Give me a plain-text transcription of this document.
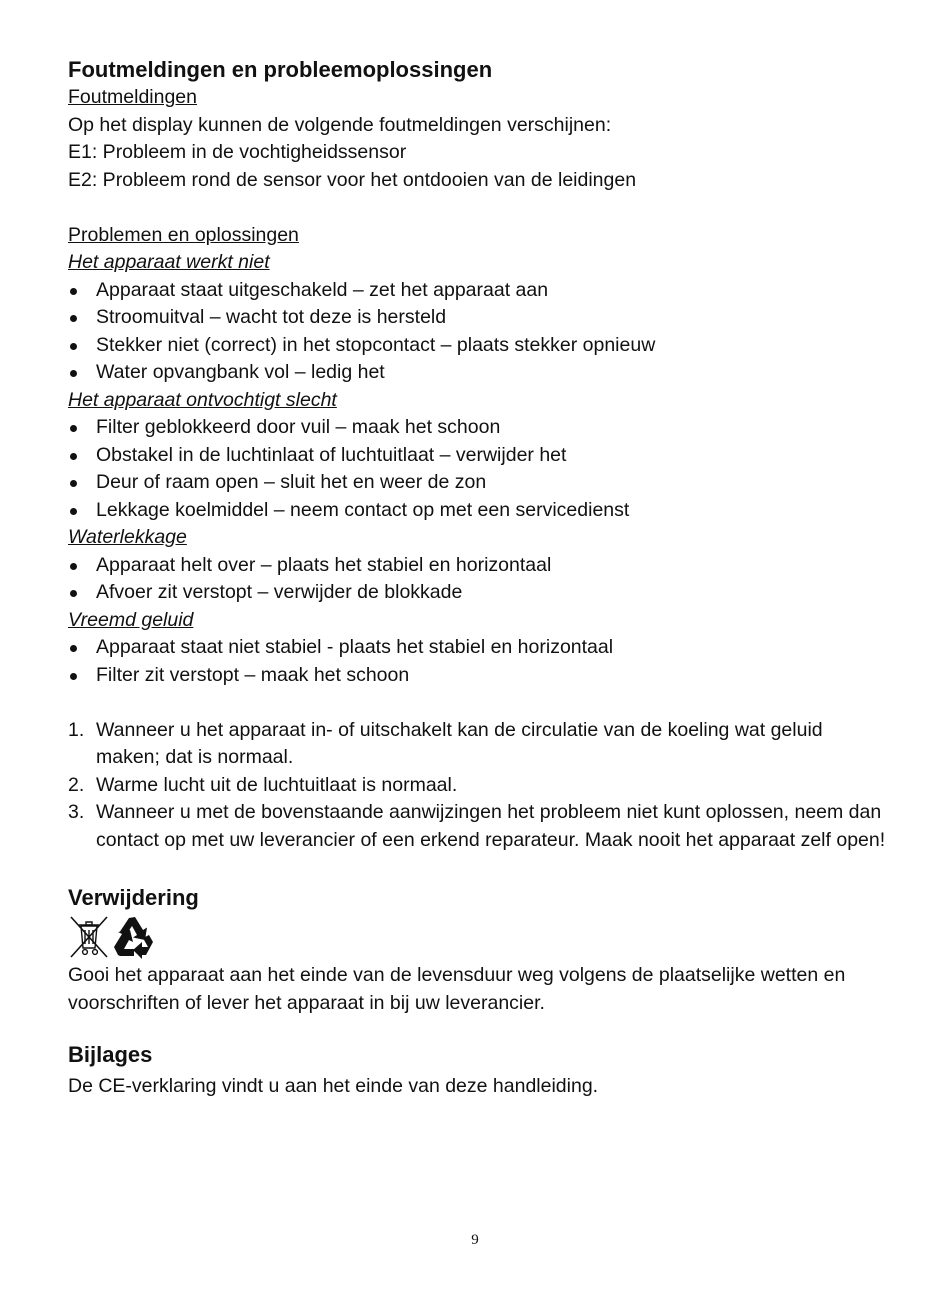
Foutmeldingen en probleemoplossingen
Foutmeldingen
Op het display kunnen de volgende foutmeldingen verschijnen:
E1: Probleem in de vochtigheidssensor
E2: Probleem rond de sensor voor het ontdooien van de leidingen
Problemen en oplossingen
Het apparaat werkt niet
Apparaat staat uitgeschakeld – zet het apparaat aan
Stroomuitval – wacht tot deze is hersteld
Stekker niet (correct) in het stopcontact – plaats stekker opnieuw
Water opvangbank vol – ledig het
Het apparaat ontvochtigt slecht
Filter geblokkeerd door vuil – maak het schoon
Obstakel in de luchtinlaat of luchtuitlaat – verwijder het
Deur of raam open – sluit het en weer de zon
Lekkage koelmiddel – neem contact op met een servicedienst
Waterlekkage
Apparaat helt over – plaats het stabiel en horizontaal
Afvoer zit verstopt – verwijder de blokkade
Vreemd geluid
Apparaat staat niet stabiel - plaats het stabiel en horizontaal
Filter zit verstopt – maak het schoon
1. Wanneer u het apparaat in- of uitschakelt kan de circulatie van de koeling wat geluid maken; dat is normaal.
2. Warme lucht uit de luchtuitlaat is normaal.
3. Wanneer u met de bovenstaande aanwijzingen het probleem niet kunt oplossen, neem dan contact op met uw leverancier of een erkend reparateur. Maak nooit het apparaat zelf open!
Verwijdering
Gooi het apparaat aan het einde van de levensduur weg volgens de plaatselijke wetten en voorschriften of lever het apparaat in bij uw leverancier.
Bijlages
De CE-verklaring vindt u aan het einde van deze handleiding.
9
